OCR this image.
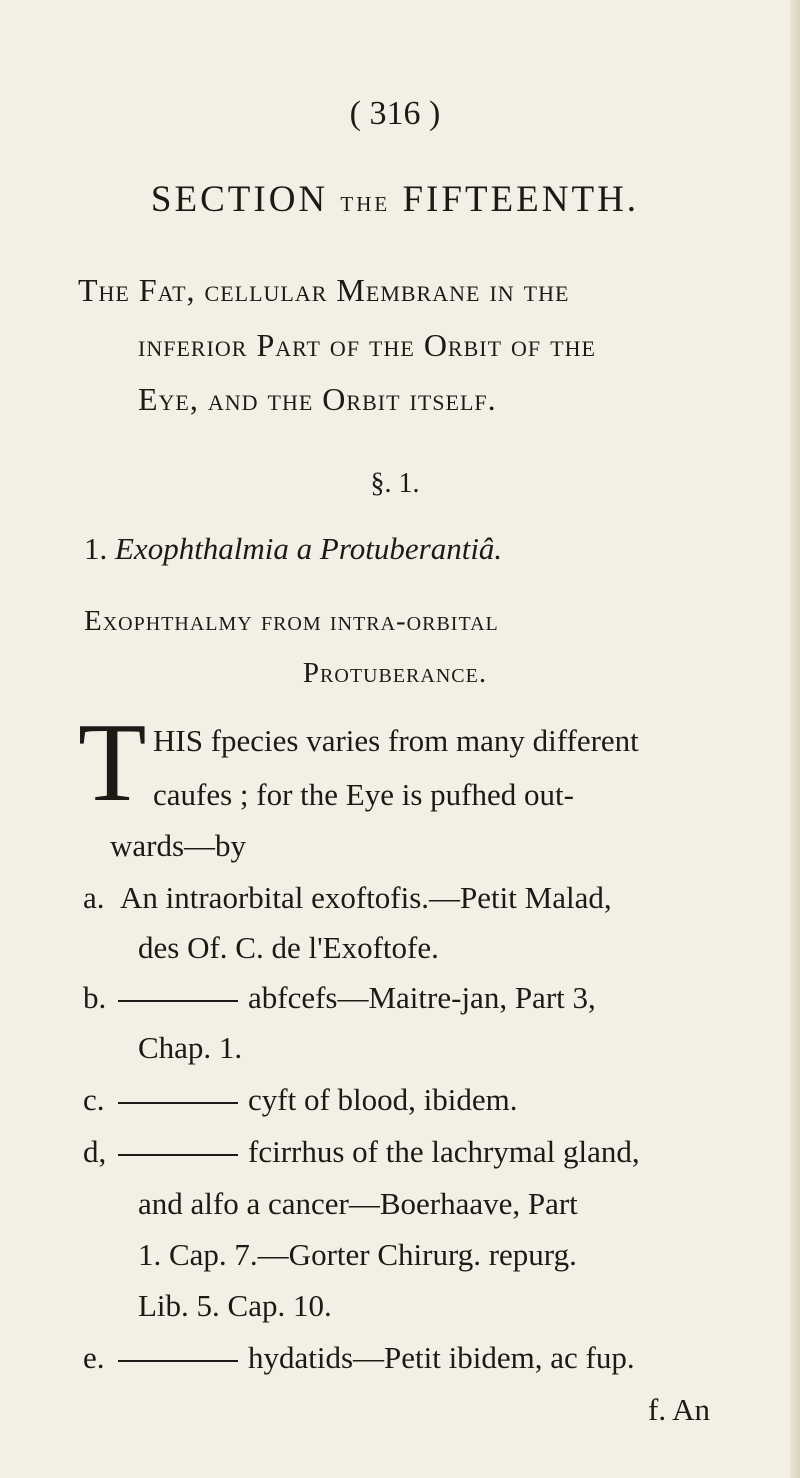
( 316 )
SECTION the FIFTEENTH.
The Fat, cellular Membrane in the
inferior Part of the Orbit of the
Eye, and the Orbit itself.
§. 1.
1. Exophthalmia a Protuberantiâ.
Exophthalmy from intra-orbital
Protuberance.
T HIS fpecies varies from many different
caufes ; for the Eye is pufhed out-
wards—by
a. An intraorbital exoftofis.—Petit Malad,
des Of. C. de l'Exoftofe.
b.	abfcefs—Maitre-jan, Part 3,
Chap. 1.
c.	cyft of blood, ibidem.
d,	fcirrhus of the lachrymal gland,
and alfo a cancer—Boerhaave, Part
1. Cap. 7.—Gorter Chirurg. repurg.
Lib. 5. Cap. 10.
e.	hydatids—Petit ibidem, ac fup.
f. An
